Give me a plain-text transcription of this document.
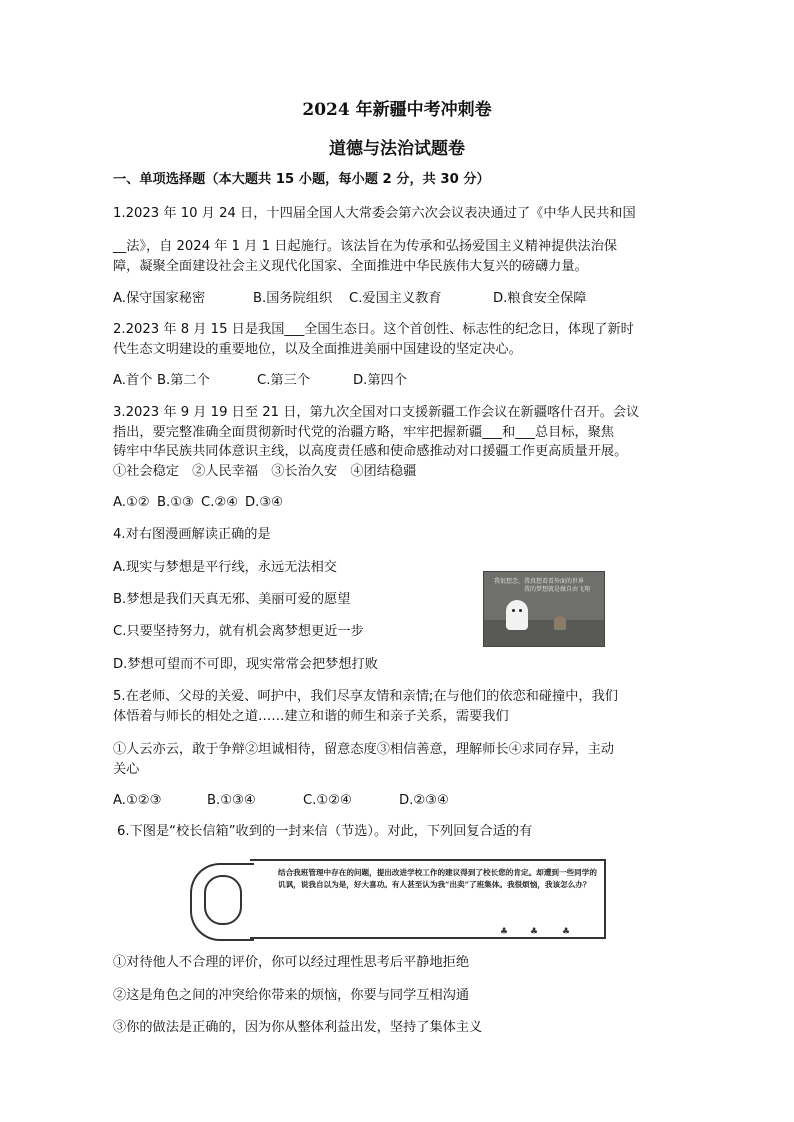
2024 年新疆中考冲刺卷
道德与法治试题卷
一、单项选择题（本大题共 15 小题，每小题 2 分，共 30 分）
1.2023 年 10 月 24 日，十四届全国人大常委会第六次会议表决通过了《中华人民共和国
__法》，自 2024 年 1 月 1 日起施行。该法旨在为传承和弘扬爱国主义精神提供法治保
障，凝聚全面建设社会主义现代化国家、全面推进中华民族伟大复兴的磅礴力量。
A.保守国家秘密	B.国务院组织 C.爱国主义教育	D.粮食安全保障
2.2023 年 8 月 15 日是我国___全国生态日。这个首创性、标志性的纪念日，体现了新时
代生态文明建设的重要地位，以及全面推进美丽中国建设的坚定决心。
A.首个 B.第二个	C.第三个	D.第四个
3.2023 年 9 月 19 日至 21 日，第九次全国对口支援新疆工作会议在新疆喀什召开。会议
指出，要完整准确全面贯彻新时代党的治疆方略，牢牢把握新疆___和___总目标，聚焦
铸牢中华民族共同体意识主线，以高度责任感和使命感推动对口援疆工作更高质量开展。
①社会稳定　②人民幸福　③长治久安　④团结稳疆
A.①② B.①③ C.②④ D.③④
4.对右图漫画解读正确的是
A.现实与梦想是平行线，永远无法相交
B.梦想是我们天真无邪、美丽可爱的愿望
C.只要坚持努力，就有机会离梦想更近一步
D.梦想可望而不可即，现实常常会把梦想打败
我很想念，我真想看看外面的世界
我的梦想就是做自由飞翔
5.在老师、父母的关爱、呵护中，我们尽享友情和亲情;在与他们的依恋和碰撞中，我们
体悟着与师长的相处之道……建立和谐的师生和亲子关系，需要我们
①人云亦云，敢于争辩②坦诚相待，留意态度③相信善意，理解师长④求同存异，主动
关心
A.①②③	B.①③④	C.①②④	D.②③④
6.下图是“校长信箱”收到的一封来信（节选）。对此，下列回复合适的有
结合我班管理中存在的问题，提出改进学校工作的建议得到了校长您的肯定。却遭到一些同学的讥讽，说我自以为是，好大喜功。有人甚至认为我“出卖”了班集体。我很烦恼，我该怎么办？
♣ ♣	♣
①对待他人不合理的评价，你可以经过理性思考后平静地拒绝
②这是角色之间的冲突给你带来的烦恼，你要与同学互相沟通
③你的做法是正确的，因为你从整体利益出发，坚持了集体主义
